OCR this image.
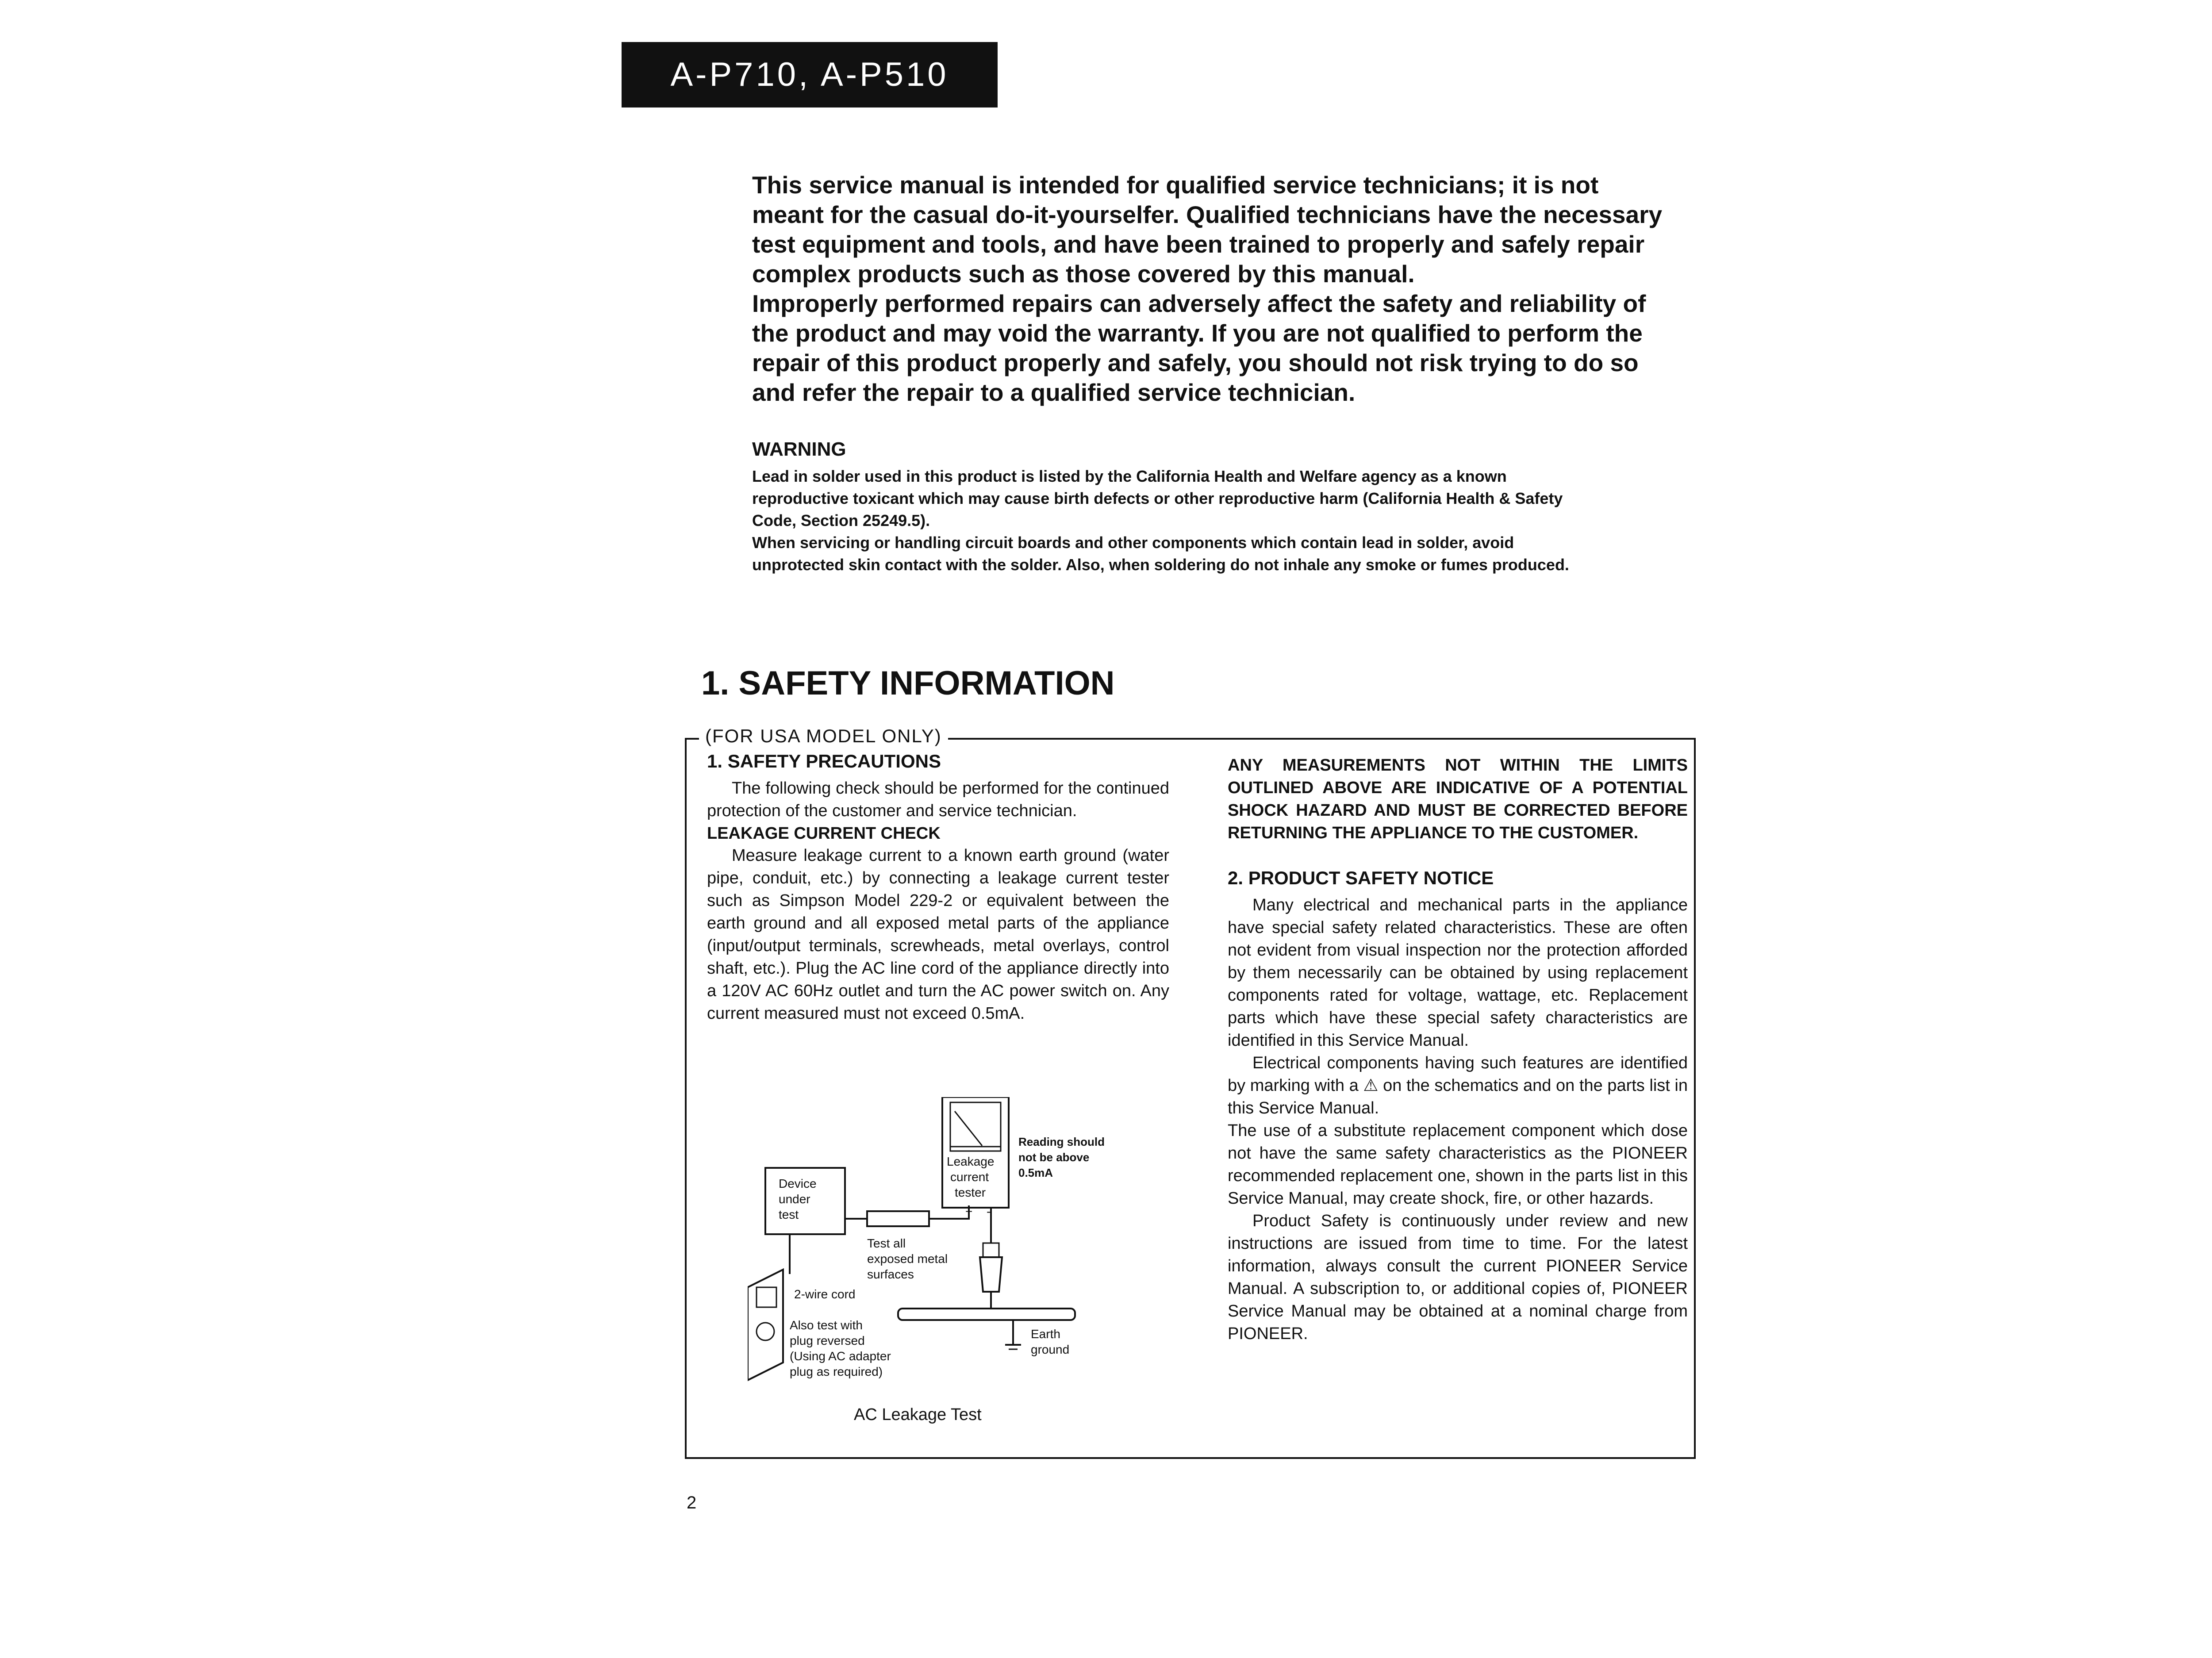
A-P710, A-P510

This service manual is intended for qualified service technicians; it is not meant for the casual do-it-yourselfer. Qualified technicians have the necessary test equipment and tools, and have been trained to properly and safely repair complex products such as those covered by this manual.

Improperly performed repairs can adversely affect the safety and reliability of the product and may void the warranty. If you are not qualified to perform the repair of this product properly and safely, you should not risk trying to do so and refer the repair to a qualified service technician.

WARNING

Lead in solder used in this product is listed by the California Health and Welfare agency as a known reproductive toxicant which may cause birth defects or other reproductive harm (California Health & Safety Code, Section 25249.5).

When servicing or handling circuit boards and other components which contain lead in solder, avoid unprotected skin contact with the solder. Also, when soldering do not inhale any smoke or fumes produced.

1. SAFETY INFORMATION
(FOR USA MODEL ONLY)
1. SAFETY PRECAUTIONS

The following check should be performed for the continued protection of the customer and service technician.

LEAKAGE CURRENT CHECK

Measure leakage current to a known earth ground (water pipe, conduit, etc.) by connecting a leakage current tester such as Simpson Model 229-2 or equivalent between the earth ground and all exposed metal parts of the appliance (input/output terminals, screwheads, metal overlays, control shaft, etc.). Plug the AC line cord of the appliance directly into a 120V AC 60Hz outlet and turn the AC power switch on. Any current measured must not exceed 0.5mA.

Device
under
test
Leakage
current
tester
+ -
Reading should
not be above
0.5mA
Test all
exposed metal
surfaces
Earth
ground
2-wire cord
Also test with
plug reversed
(Using AC adapter
plug as required)
AC Leakage Test

ANY MEASUREMENTS NOT WITHIN THE LIMITS OUTLINED ABOVE ARE INDICATIVE OF A POTENTIAL SHOCK HAZARD AND MUST BE CORRECTED BEFORE RETURNING THE APPLIANCE TO THE CUSTOMER.

2. PRODUCT SAFETY NOTICE

Many electrical and mechanical parts in the appliance have special safety related characteristics. These are often not evident from visual inspection nor the protection afforded by them necessarily can be obtained by using replacement components rated for voltage, wattage, etc. Replacement parts which have these special safety characteristics are identified in this Service Manual.

Electrical components having such features are identified by marking with a ⚠ on the schematics and on the parts list in this Service Manual.

The use of a substitute replacement component which dose not have the same safety characteristics as the PIONEER recommended replacement one, shown in the parts list in this Service Manual, may create shock, fire, or other hazards.

Product Safety is continuously under review and new instructions are issued from time to time. For the latest information, always consult the current PIONEER Service Manual. A subscription to, or additional copies of, PIONEER Service Manual may be obtained at a nominal charge from PIONEER.

2
